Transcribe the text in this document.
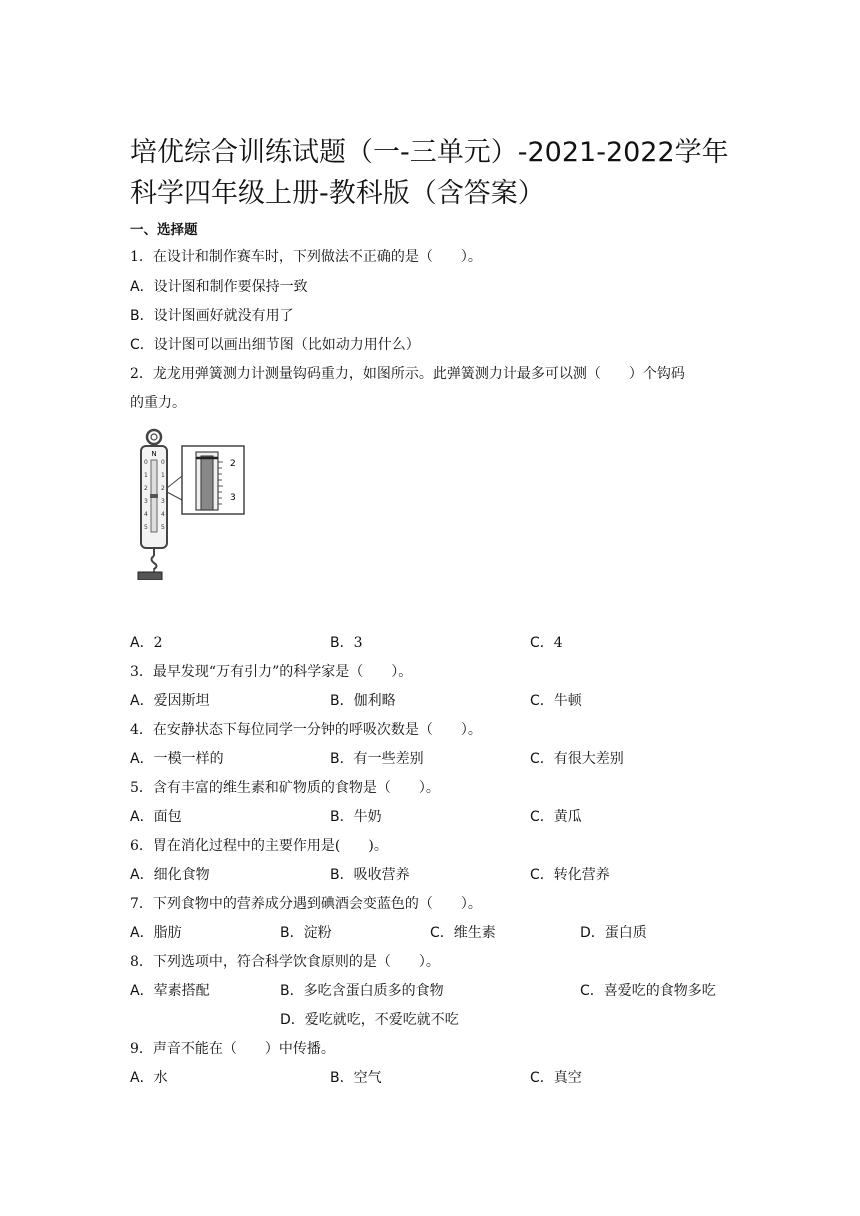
培优综合训练试题（一-三单元）-2021-2022学年科学四年级上册-教科版（含答案）
一、选择题
1．在设计和制作赛车时，下列做法不正确的是（　　）。
A．设计图和制作要保持一致
B．设计图画好就没有用了
C．设计图可以画出细节图（比如动力用什么）
2．龙龙用弹簧测力计测量钩码重力，如图所示。此弹簧测力计最多可以测（　　）个钩码
的重力。
N
0
1
2
3
4
5
0
1
2
3
4
5
2
3
A．2	B．3	C．4
3．最早发现“万有引力”的科学家是（　　）。
A．爱因斯坦	B．伽利略	C．牛顿
4．在安静状态下每位同学一分钟的呼吸次数是（　　）。
A．一模一样的	B．有一些差别	C．有很大差别
5．含有丰富的维生素和矿物质的食物是（　　）。
A．面包	B．牛奶	C．黄瓜
6．胃在消化过程中的主要作用是(　　)。
A．细化食物	B．吸收营养	C．转化营养
7．下列食物中的营养成分遇到碘酒会变蓝色的（　　）。
A．脂肪	B．淀粉	C．维生素	D．蛋白质
8．下列选项中，符合科学饮食原则的是（　　）。
A．荤素搭配	B．多吃含蛋白质多的食物	C．喜爱吃的食物多吃
D．爱吃就吃，不爱吃就不吃
9．声音不能在（　　）中传播。
A．水	B．空气	C．真空
